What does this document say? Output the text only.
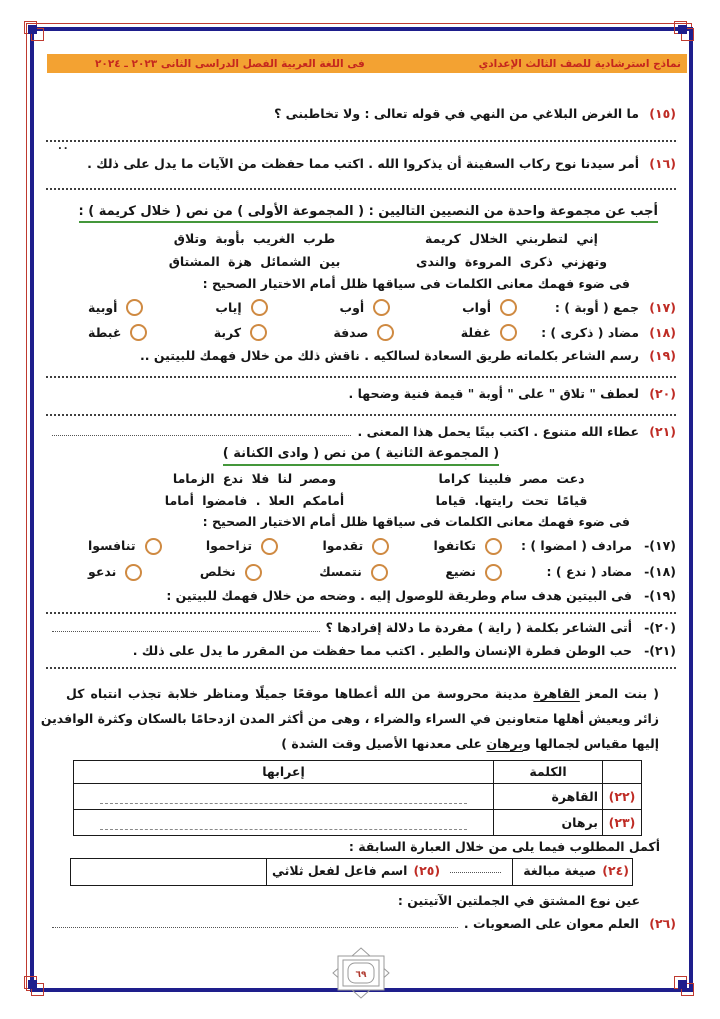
نماذج استرشادية للصف الثالث الإعدادي
فى اللغة العربية الفصل الدراسى الثانى ٢٠٢٣ ـ ٢٠٢٤
(١٥)
ما الغرض البلاغي من النهي في قوله تعالى : ولا تخاطبنى ؟
..
(١٦)
أمر سيدنا نوح ركاب السفينة أن يذكروا الله . اكتب مما حفظت من الآيات ما يدل على ذلك .
أجب عن مجموعة واحدة من النصيين التاليين : ( المجموعة الأولى ) من نص ( خلال كريمة ) :
إني لتطربني الخلال كريمة
طرب الغريب بأوبة وتلاق
وتهزني ذكرى المروءة والندى
بين الشمائل هزة المشتاق
فى ضوء فهمك معانى الكلمات فى سياقها ظلل أمام الاختيار الصحيح :
(١٧)
جمع ( أوبة ) :
أواب
أوب
إياب
أوبية
(١٨)
مضاد ( ذكرى ) :
غفلة
صدفة
كربة
غبطة
(١٩)
رسم الشاعر بكلماته طريق السعادة لسالكيه . ناقش ذلك من خلال فهمك للبيتين ..
(٢٠)
لعطف " تلاق " على " أوبة " قيمة فنية وضحها .
(٢١)
عطاء الله متنوع . اكتب بيتًا يحمل هذا المعنى .
( المجموعة الثانية ) من نص ( وادى الكنانة )
دعت مصر فلبينا كراما
ومصر لنا فلا ندع الزماما
قيامًا تحت رايتها. قياما
أمامكم العلا . فامضوا أماما
فى ضوء فهمك معانى الكلمات فى سياقها ظلل أمام الاختيار الصحيح :
(١٧)-
مرادف ( امضوا ) :
تكاتفوا
تقدموا
تزاحموا
تنافسوا
(١٨)-
مضاد ( ندع ) :
نضيع
نتمسك
نخلص
ندعو
(١٩)-
فى البيتين هدف سام وطريقة للوصول إليه . وضحه من خلال فهمك للبيتين :
(٢٠)-
أتى الشاعر بكلمة ( راية ) مفردة ما دلالة إفرادها ؟
(٢١)-
حب الوطن فطرة الإنسان والطير . اكتب مما حفظت من المقرر ما يدل على ذلك .
( بنت المعز القاهرة مدينة محروسة من الله أعطاها موقعًا جميلًا ومناظر خلابة تجذب انتباه كل
زائر ويعيش أهلها متعاونين في السراء والضراء ، وهى من أكثر المدن ازدحامًا بالسكان وكثرة الوافدين
إليها مقياس لجمالها وبرهان على معدنها الأصيل وقت الشدة )
	الكلمة	إعرابها
(٢٢)	القاهرة	

(٢٣)	برهان	
أكمل المطلوب فيما يلى من خلال العبارة السابقة :
(٢٤)
صيغة مبالغة
(٢٥)
اسم فاعل لفعل ثلاثي
عين نوع المشتق في الجملتين الآتيتين :
(٢٦)
العلم معوان على الصعوبات .
٦٩
